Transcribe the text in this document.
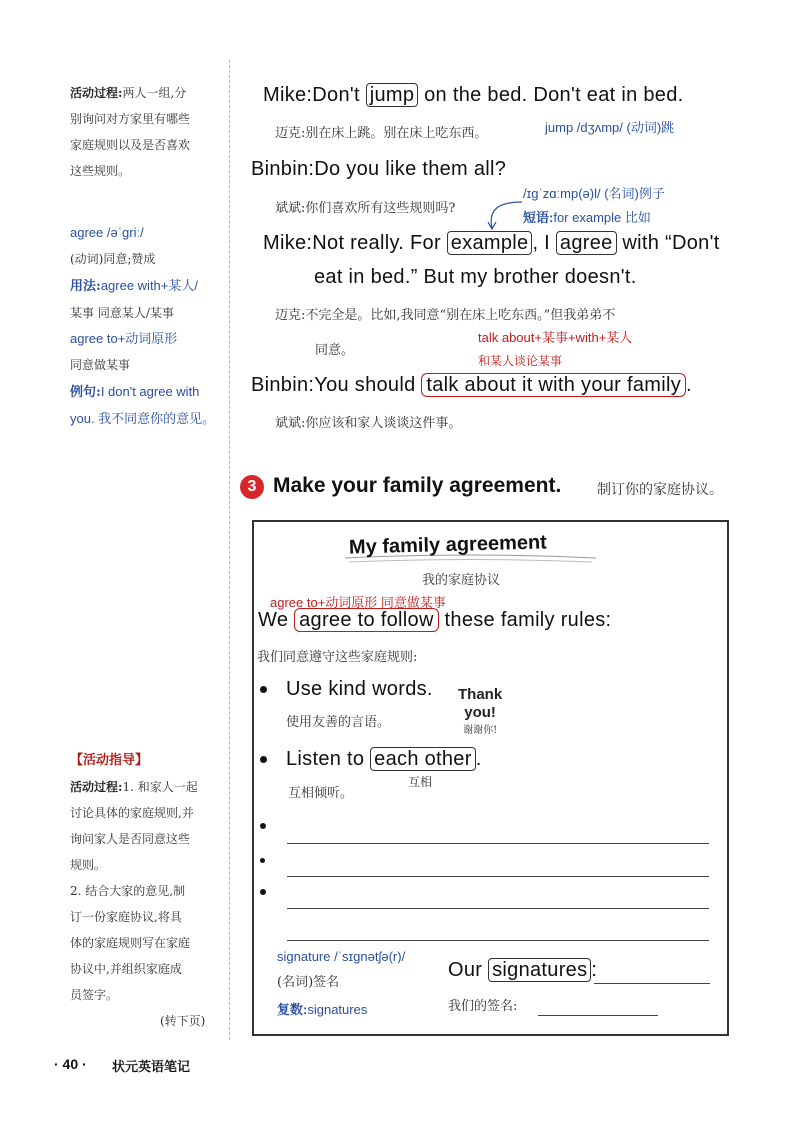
活动过程:两人一组,分
别询问对方家里有哪些
家庭规则以及是否喜欢
这些规则。
agree /əˈɡriː/
(动词)同意;赞成
用法:agree with+某人/
某事 同意某人/某事
agree to+动词原形
同意做某事
例句:I don't agree with
you. 我不同意你的意见。
【活动指导】
活动过程:1. 和家人一起
讨论具体的家庭规则,并
询问家人是否同意这些
规则。
2. 结合大家的意见,制
订一份家庭协议,将具
体的家庭规则写在家庭
协议中,并组织家庭成
员签字。
(转下页)
Mike:Don't jump on the bed. Don't eat in bed.
迈克:别在床上跳。别在床上吃东西。	jump /dʒʌmp/ (动词)跳
Binbin:Do you like them all?
斌斌:你们喜欢所有这些规则吗?
/ɪɡˈzɑːmp(ə)l/ (名词)例子
短语:for example 比如
Mike:Not really. For example , I agree with “Don't
eat in bed.” But my brother doesn't.
迈克:不完全是。比如,我同意“别在床上吃东西。”但我弟弟不
同意。
talk about+某事+with+某人
和某人谈论某事
Binbin:You should talk about it with your family .
斌斌:你应该和家人谈谈这件事。
3 Make your family agreement.	制订你的家庭协议。
My family agreement
我的家庭协议
agree to+动词原形 同意做某事
We agree to follow these family rules:
我们同意遵守这些家庭规则:
Use kind words.
使用友善的言语。
Thank
you!
谢谢你!
Listen to each other .
互相倾听。
互相
signature /ˈsɪɡnətʃə(r)/
(名词)签名
复数:signatures
Our signatures :
我们的签名:
· 40 · 状元英语笔记
